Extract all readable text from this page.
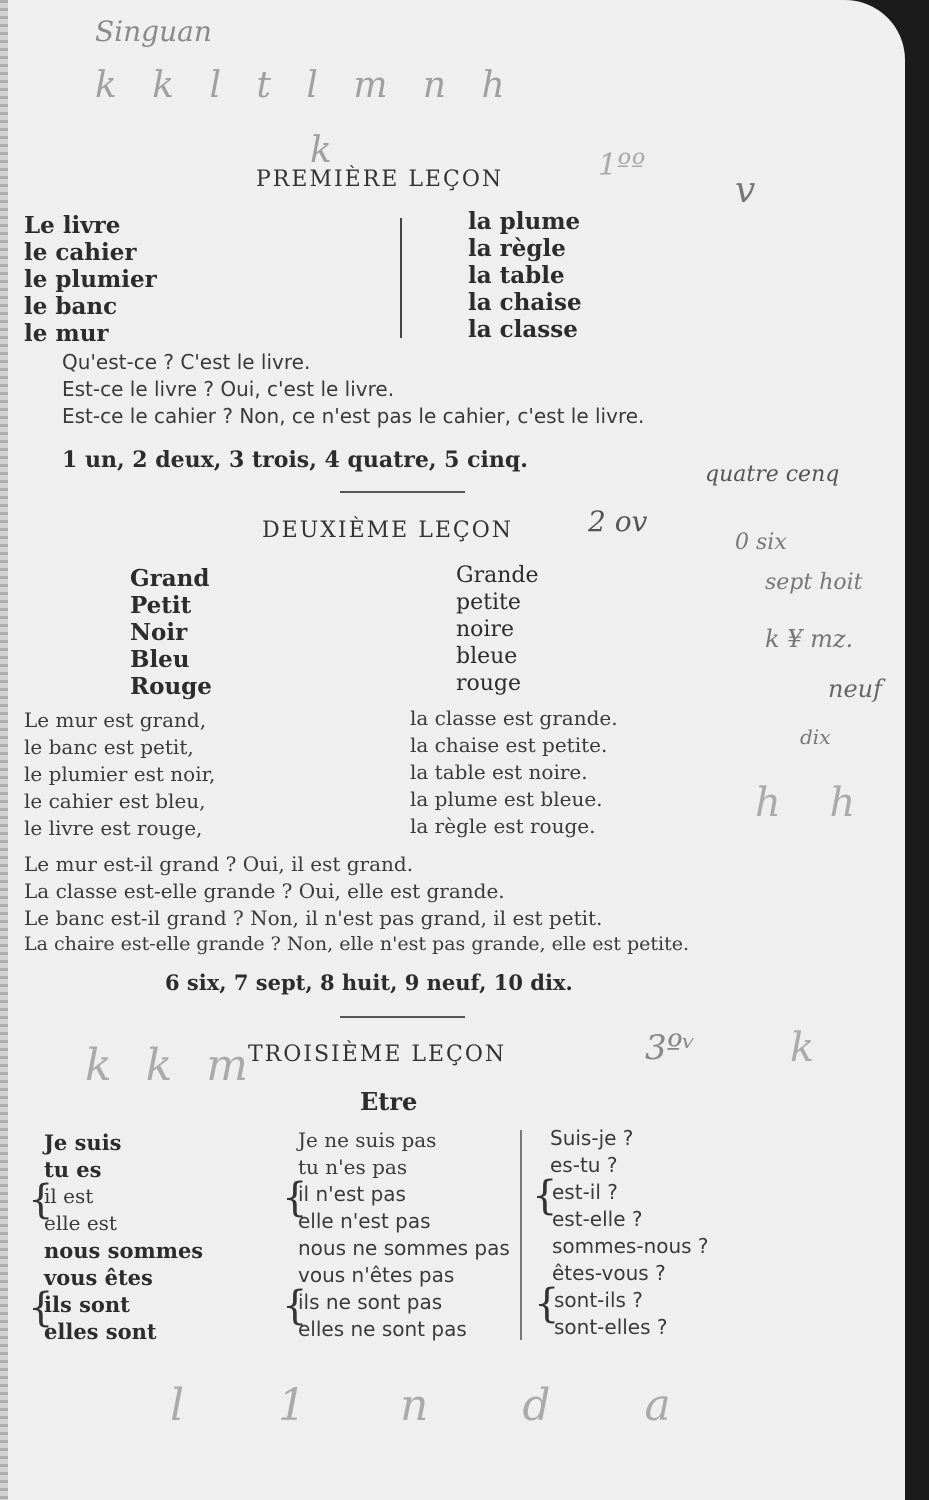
Singuan
k k l t l m n h
k	1ºº
v
quatre cenq
2 ov
0 six
sept hoit
k ¥ mz.
neuf
dix
h h
3ºᵛ k
k k m
l 1 n d a
PREMIÈRE LEÇON
Le livre
le cahier
le plumier
le banc
le mur
la plume
la règle
la table
la chaise
la classe
Qu'est-ce ? C'est le livre.
Est-ce le livre ? Oui, c'est le livre.
Est-ce le cahier ? Non, ce n'est pas le cahier, c'est le livre.
1 un, 2 deux, 3 trois, 4 quatre, 5 cinq.
DEUXIÈME LEÇON
Grand
Petit
Noir
Bleu
Rouge
Grande
petite
noire
bleue
rouge
Le mur est grand,
le banc est petit,
le plumier est noir,
le cahier est bleu,
le livre est rouge,
la classe est grande.
la chaise est petite.
la table est noire.
la plume est bleue.
la règle est rouge.
Le mur est-il grand ? Oui, il est grand.
La classe est-elle grande ? Oui, elle est grande.
Le banc est-il grand ? Non, il n'est pas grand, il est petit.
La chaire est-elle grande ? Non, elle n'est pas grande, elle est petite.
6 six, 7 sept, 8 huit, 9 neuf, 10 dix.
TROISIÈME LEÇON
Etre
Je suis
tu es
{
il est
elle est
nous sommes
vous êtes
{
ils sont
elles sont
Je ne suis pas
tu n'es pas
{
il n'est pas
elle n'est pas
nous ne sommes pas
vous n'êtes pas
{
ils ne sont pas
elles ne sont pas
Suis-je ?
es-tu ?
{
est-il ?
est-elle ?
sommes-nous ?
êtes-vous ?
{
sont-ils ?
sont-elles ?
